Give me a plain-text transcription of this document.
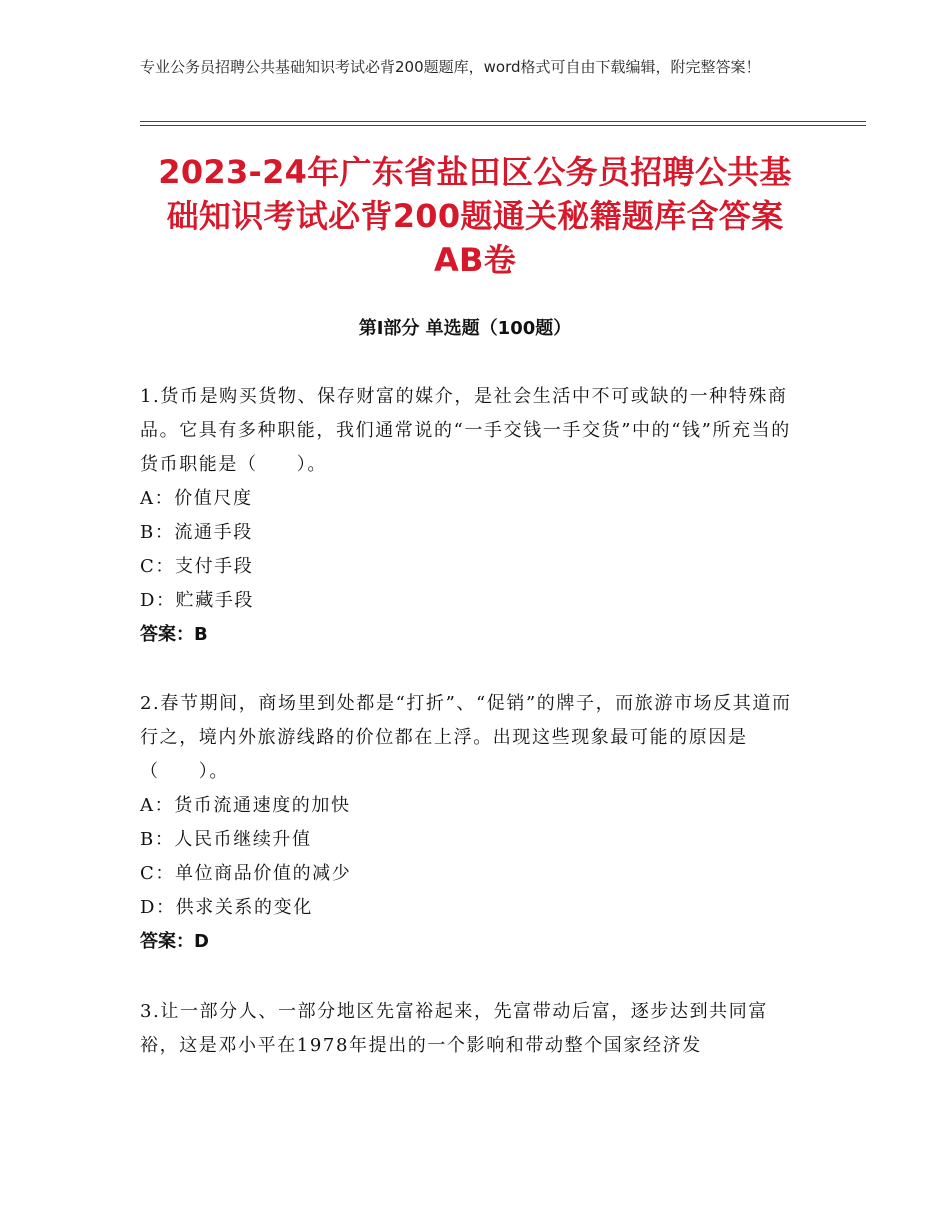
专业公务员招聘公共基础知识考试必背200题题库，word格式可自由下载编辑，附完整答案！
2023-24年广东省盐田区公务员招聘公共基
础知识考试必背200题通关秘籍题库含答案
AB卷
第Ⅰ部分 单选题（100题）
1.货币是购买货物、保存财富的媒介，是社会生活中不可或缺的一种特殊商品。它具有多种职能，我们通常说的“一手交钱一手交货”中的“钱”所充当的货币职能是（　　）。
A：价值尺度
B：流通手段
C：支付手段
D：贮藏手段
答案：B
2.春节期间，商场里到处都是“打折”、“促销”的牌子，而旅游市场反其道而行之，境内外旅游线路的价位都在上浮。出现这些现象最可能的原因是（　　）。
A：货币流通速度的加快
B：人民币继续升值
C：单位商品价值的减少
D：供求关系的变化
答案：D
3.让一部分人、一部分地区先富裕起来，先富带动后富，逐步达到共同富裕，这是邓小平在1978年提出的一个影响和带动整个国家经济发
